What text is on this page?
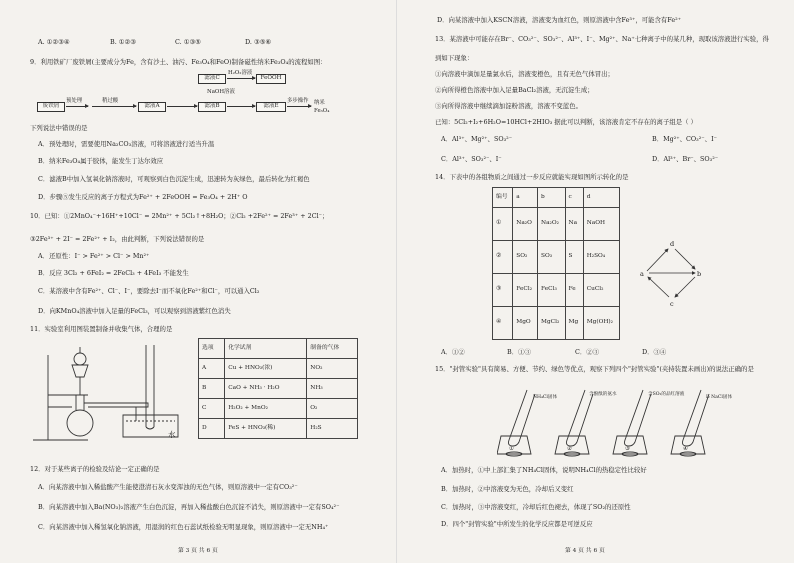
A. ①②③④	B. ①②③	C. ①③⑤	D. ③⑤⑥
9．利用铁矿厂废铁屑(主要成分为Fe，含有沙土、油污、Fe₃O₄和FeO)制备磁性纳米Fe₃O₄的流程如图：
废铁屑
预处理	稍过酸
滤液A
滤液C
H₂O₂溶液
FeOOH
NaOH溶液
滤液B	滤液E
多步操作 纳米
Fe₃O₄
下列说法中错误的是
A．预处理时，需要使用Na₂CO₃溶液，可将溶液进行适当升温
B．纳米Fe₃O₄属于胶体，能发生丁达尔效应
C．滤液B中加入氢氧化钠溶液时，可观察到白色沉淀生成，迅速转为灰绿色，最后转化为红褐色
D．步骤⑤发生反应的离子方程式为Fe²⁺ + 2FeOOH = Fe₃O₄ + 2H⁺ O
10．已知：①2MnO₄⁻+16H⁺+10Cl⁻ = 2Mn²⁺ + 5Cl₂↑+8H₂O；②Cl₂ +2Fe²⁺ = 2Fe³⁺ + 2Cl⁻；
③2Fe³⁺ + 2I⁻ = 2Fe²⁺ + I₂，由此判断，下列说法错误的是
A．还原性：I⁻ > Fe²⁺ > Cl⁻ > Mn²⁺
B．反应 3Cl₂ + 6FeI₂ = 2FeCl₃ + 4FeI₃ 不能发生
C．某溶液中含有Fe²⁺、Cl⁻、I⁻，要除去I⁻而不氧化Fe²⁺和Cl⁻，可以通入Cl₂
D．向KMnO₄溶液中加入足量的FeCl₃，可以观察到溶液紫红色消失
11．实验室利用图装置制备并收集气体，合理的是
水
选项	化学试剂	制备的气体
A	Cu + HNO₃(浓)	NO₂
B	CaO + NH₃ · H₂O	NH₃
C	H₂O₂ + MnO₂	O₂
D	FeS + HNO₃(稀)	H₂S
12．对于某些离子的检验及结论一定正确的是
A．向某溶液中加入稀盐酸产生能使澄清石灰水变浑浊的无色气体，则原溶液中一定有CO₃²⁻
B．向某溶液中加入Ba(NO₃)₂溶液产生白色沉淀，再加入稀盐酸白色沉淀不消失，则原溶液中一定有SO₄²⁻
C．向某溶液中加入稀氢氧化钠溶液，用湿润的红色石蕊试纸检验无明显现象，则原溶液中一定无NH₄⁺
第 3 页 共 6 页
D．向某溶液中加入KSCN溶液，溶液变为血红色，则原溶液中含Fe³⁺，可能含有Fe²⁺
13．某溶液中可能存在Br⁻、CO₃²⁻、SO₃²⁻、Al³⁺、I⁻、Mg²⁺、Na⁺七种离子中的某几种，现取该溶液进行实验，得
到如下现象：
①向溶液中滴加足量氯水后，溶液变橙色，且有无色气体冒出；
②向所得橙色溶液中加入足量BaCl₂溶液，无沉淀生成；
③向所得溶液中继续滴加淀粉溶液，溶液不变蓝色。
已知：5Cl₂+I₂+6H₂O=10HCl+2HIO₃ 据此可以判断，该溶液肯定不存在的离子组是（ ）
A．Al³⁺、Mg²⁺、SO₃²⁻	B．Mg²⁺、CO₃²⁻、I⁻
C．Al³⁺、SO₃²⁻、I⁻	D．Al³⁺、Br⁻、SO₃²⁻
14．下表中的各组物质之间通过一步反应就能实现如图所示转化的是
编号	a	b	c	d
①	Na₂O	Na₂O₂	Na	NaOH
②	SO₂	SO₃	S	H₂SO₄
③	FeCl₂	FeCl₃	Fe	CuCl₂
④	MgO	MgCl₂	Mg	Mg(OH)₂
d
a	b
c
A．①②	B．①③	C．②③	D．③④
15．"封管实验"具有简易、方便、节约、绿色等优点，观察下列四个"封管实验"(夹持装置未画出)的说法正确的是
NH₄Cl固体
含酚酞的氨水	含SO₂的品红溶液
I₂ NaCl固体
①	②	③	④
A．加热时，①中上部汇集了NH₄Cl固体，说明NH₄Cl的热稳定性比较好
B．加热时，②中溶液变为无色，冷却后又变红
C．加热时，③中溶液变红，冷却后红色褪去，体现了SO₂的还原性
D．四个"封管实验"中所发生的化学反应都是可逆反应
第 4 页 共 6 页
